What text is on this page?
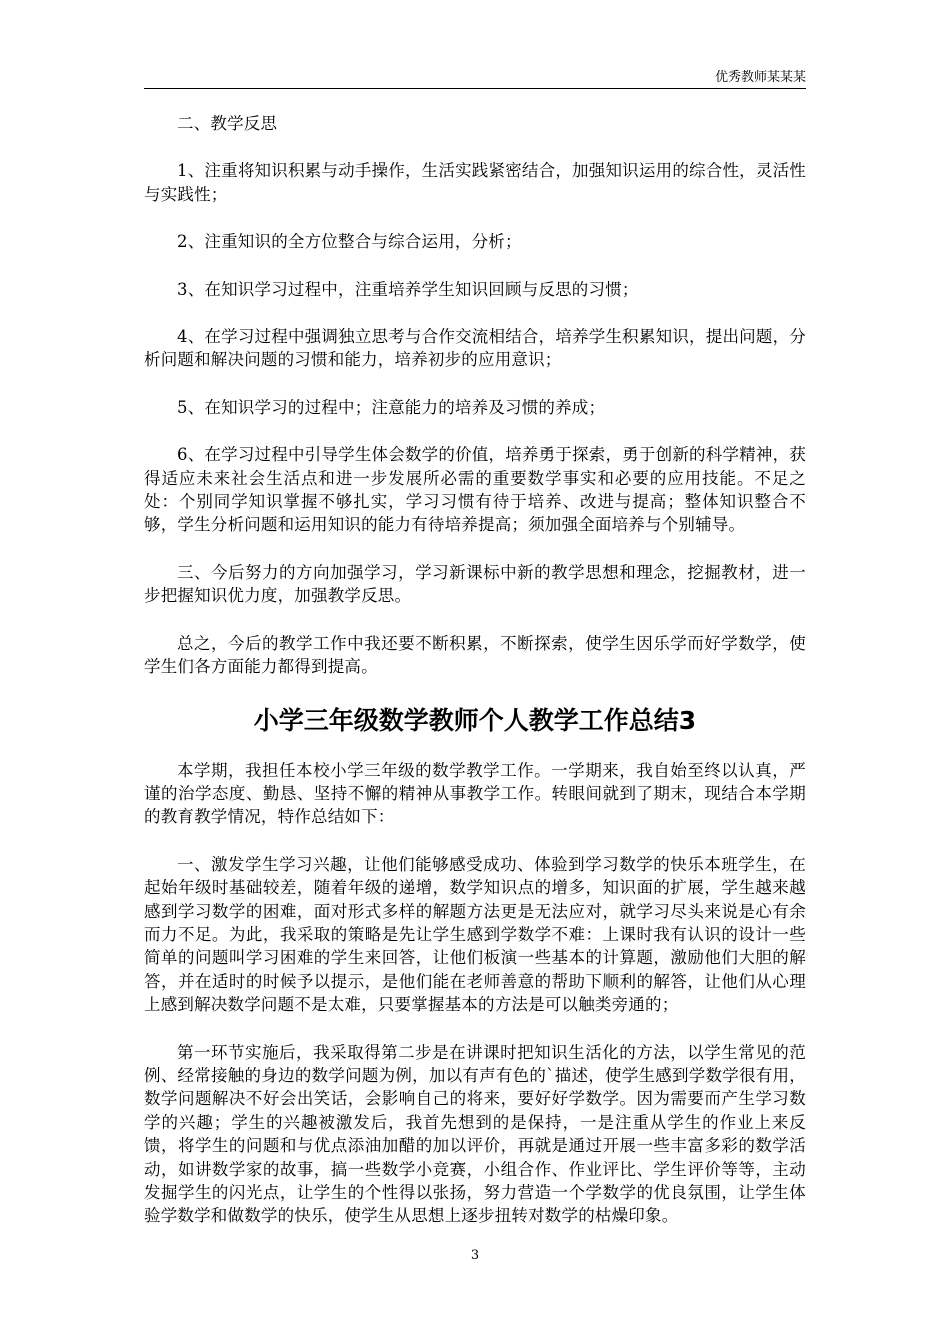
优秀教师某某某

二、教学反思

1、注重将知识积累与动手操作，生活实践紧密结合，加强知识运用的综合性，灵活性与实践性；

2、注重知识的全方位整合与综合运用，分析；

3、在知识学习过程中，注重培养学生知识回顾与反思的习惯；

4、在学习过程中强调独立思考与合作交流相结合，培养学生积累知识，提出问题，分析问题和解决问题的习惯和能力，培养初步的应用意识；

5、在知识学习的过程中；注意能力的培养及习惯的养成；

6、在学习过程中引导学生体会数学的价值，培养勇于探索，勇于创新的科学精神，获得适应未来社会生活点和进一步发展所必需的重要数学事实和必要的应用技能。不足之处：个别同学知识掌握不够扎实，学习习惯有待于培养、改进与提高；整体知识整合不够，学生分析问题和运用知识的能力有待培养提高；须加强全面培养与个别辅导。

三、今后努力的方向加强学习，学习新课标中新的教学思想和理念，挖掘教材，进一步把握知识优力度，加强教学反思。

总之，今后的教学工作中我还要不断积累，不断探索，使学生因乐学而好学数学，使学生们各方面能力都得到提高。

小学三年级数学教师个人教学工作总结3

本学期，我担任本校小学三年级的数学教学工作。一学期来，我自始至终以认真，严谨的治学态度、勤恳、坚持不懈的精神从事教学工作。转眼间就到了期末，现结合本学期的教育教学情况，特作总结如下：

一、激发学生学习兴趣，让他们能够感受成功、体验到学习数学的快乐本班学生，在起始年级时基础较差，随着年级的递增，数学知识点的增多，知识面的扩展，学生越来越感到学习数学的困难，面对形式多样的解题方法更是无法应对，就学习尽头来说是心有余而力不足。为此，我采取的策略是先让学生感到学数学不难：上课时我有认识的设计一些简单的问题叫学习困难的学生来回答，让他们板演一些基本的计算题，激励他们大胆的解答，并在适时的时候予以提示，是他们能在老师善意的帮助下顺利的解答，让他们从心理上感到解决数学问题不是太难，只要掌握基本的方法是可以触类旁通的；

第一环节实施后，我采取得第二步是在讲课时把知识生活化的方法，以学生常见的范例、经常接触的身边的数学问题为例，加以有声有色的`描述，使学生感到学数学很有用，数学问题解决不好会出笑话，会影响自己的将来，要好好学数学。因为需要而产生学习数学的兴趣；学生的兴趣被激发后，我首先想到的是保持，一是注重从学生的作业上来反馈，将学生的问题和与优点添油加醋的加以评价，再就是通过开展一些丰富多彩的数学活动，如讲数学家的故事，搞一些数学小竞赛，小组合作、作业评比、学生评价等等，主动发掘学生的闪光点，让学生的个性得以张扬，努力营造一个学数学的优良氛围，让学生体验学数学和做数学的快乐，使学生从思想上逐步扭转对数学的枯燥印象。

3
